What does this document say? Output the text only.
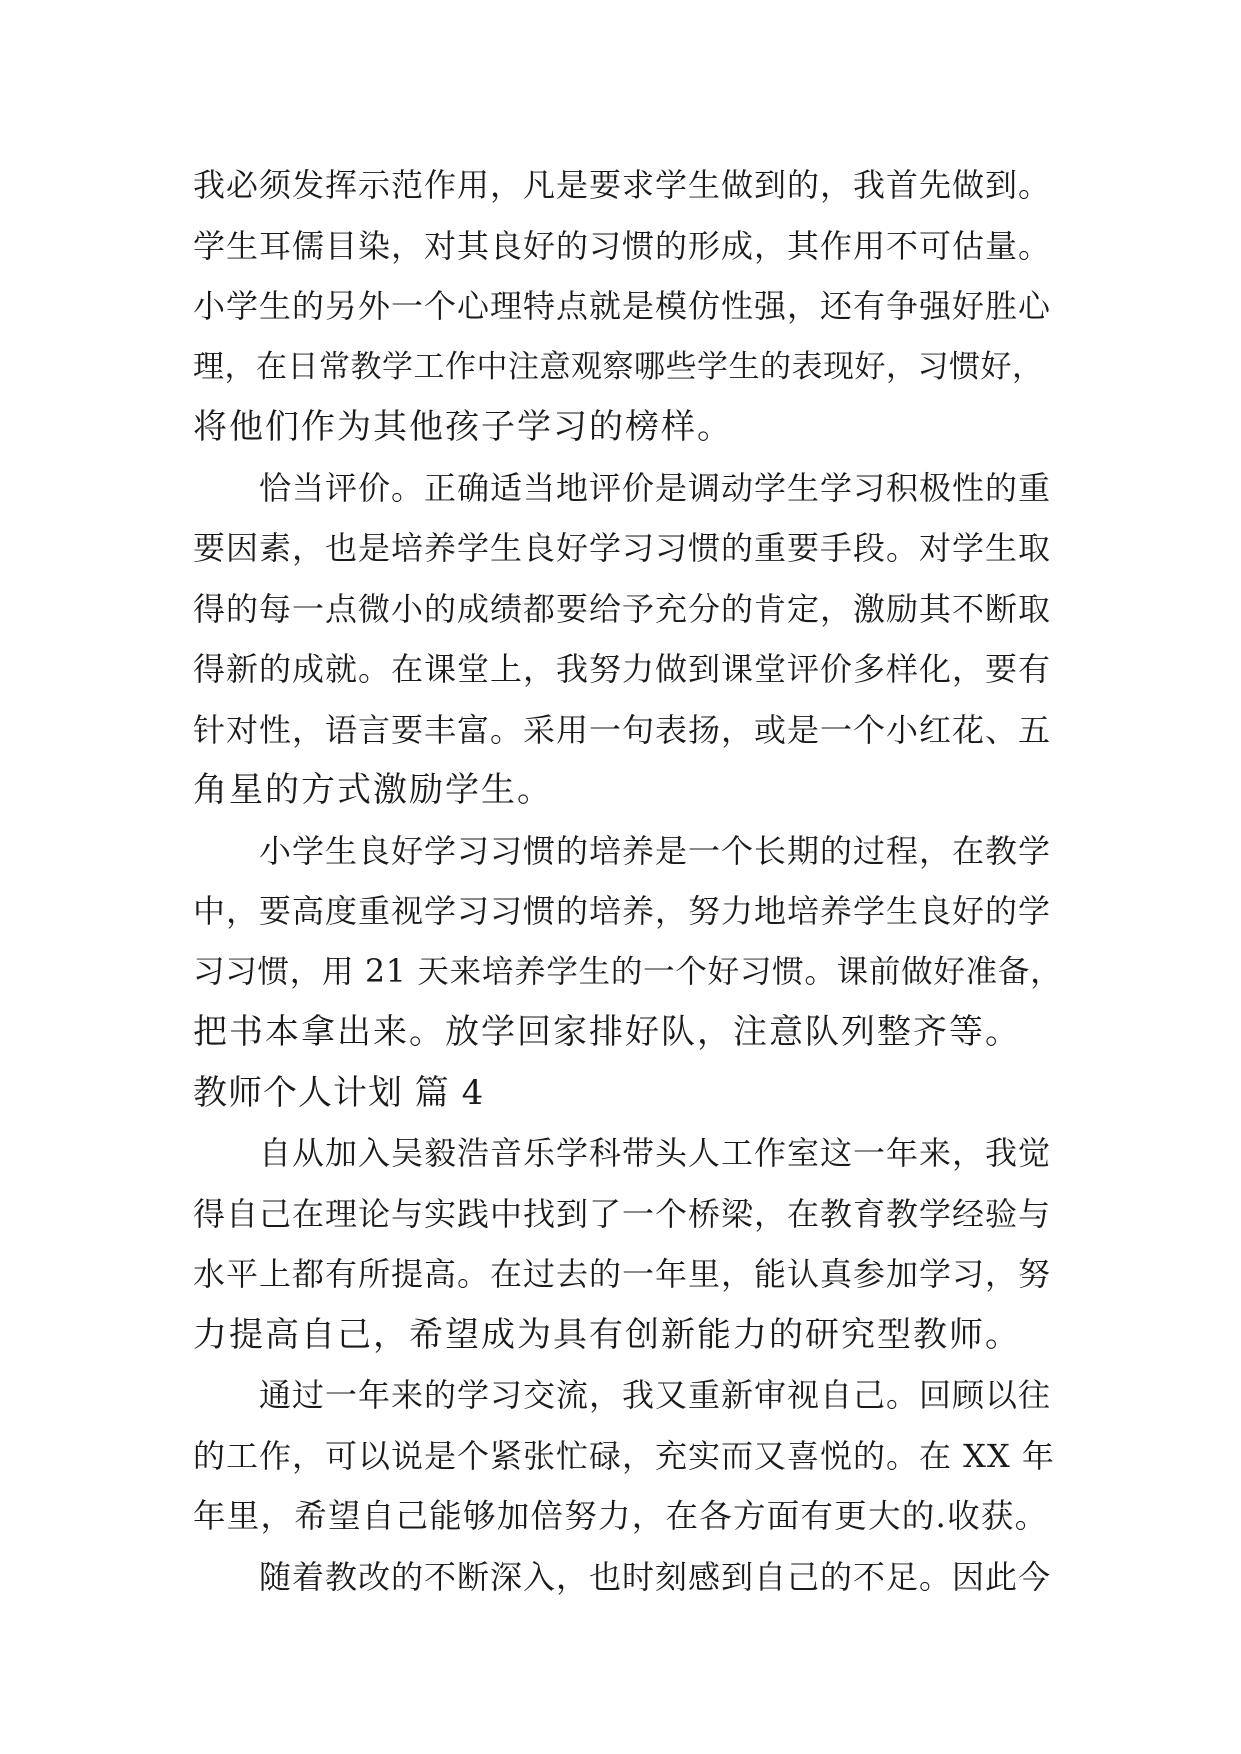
我必须发挥示范作用，凡是要求学生做到的，我首先做到。
学生耳儒目染，对其良好的习惯的形成，其作用不可估量。
小学生的另外一个心理特点就是模仿性强，还有争强好胜心
理，在日常教学工作中注意观察哪些学生的表现好，习惯好，
将他们作为其他孩子学习的榜样。
　　恰当评价。正确适当地评价是调动学生学习积极性的重
要因素，也是培养学生良好学习习惯的重要手段。对学生取
得的每一点微小的成绩都要给予充分的肯定，激励其不断取
得新的成就。在课堂上，我努力做到课堂评价多样化，要有
针对性，语言要丰富。采用一句表扬，或是一个小红花、五
角星的方式激励学生。
　　小学生良好学习习惯的培养是一个长期的过程，在教学
中，要高度重视学习习惯的培养，努力地培养学生良好的学
习习惯，用 21 天来培养学生的一个好习惯。课前做好准备，
把书本拿出来。放学回家排好队，注意队列整齐等。
教师个人计划 篇 4
　　自从加入吴毅浩音乐学科带头人工作室这一年来，我觉
得自己在理论与实践中找到了一个桥梁，在教育教学经验与
水平上都有所提高。在过去的一年里，能认真参加学习，努
力提高自己，希望成为具有创新能力的研究型教师。
　　通过一年来的学习交流，我又重新审视自己。回顾以往
的工作，可以说是个紧张忙碌，充实而又喜悦的。在 XX 年
年里，希望自己能够加倍努力，在各方面有更大的.收获。
　　随着教改的不断深入，也时刻感到自己的不足。因此今
